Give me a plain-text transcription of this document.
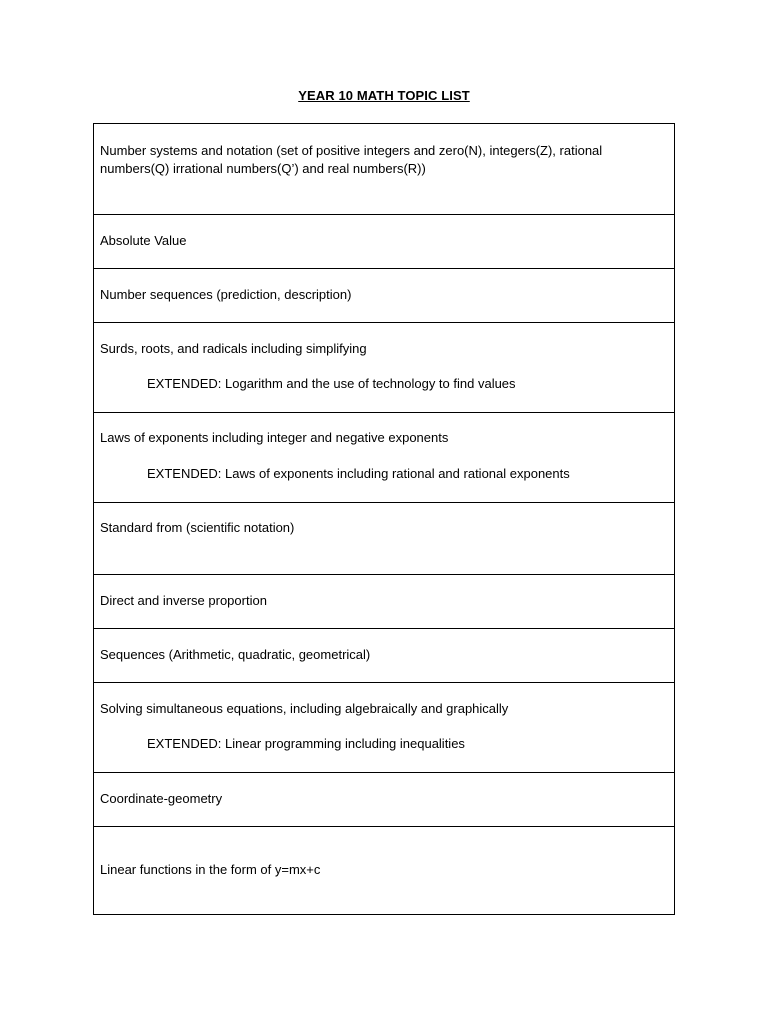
YEAR 10 MATH TOPIC LIST
Number systems and notation (set of positive integers and zero(N), integers(Z), rational numbers(Q) irrational numbers(Q’) and real numbers(R))
Absolute Value
Number sequences (prediction, description)
Surds, roots, and radicals including simplifying
EXTENDED: Logarithm and the use of technology to find values
Laws of exponents including integer and negative exponents
EXTENDED: Laws of exponents including rational and rational exponents
Standard from (scientific notation)
Direct and inverse proportion
Sequences (Arithmetic, quadratic, geometrical)
Solving simultaneous equations, including algebraically and graphically
EXTENDED: Linear programming including inequalities
Coordinate-geometry
Linear functions in the form of y=mx+c
